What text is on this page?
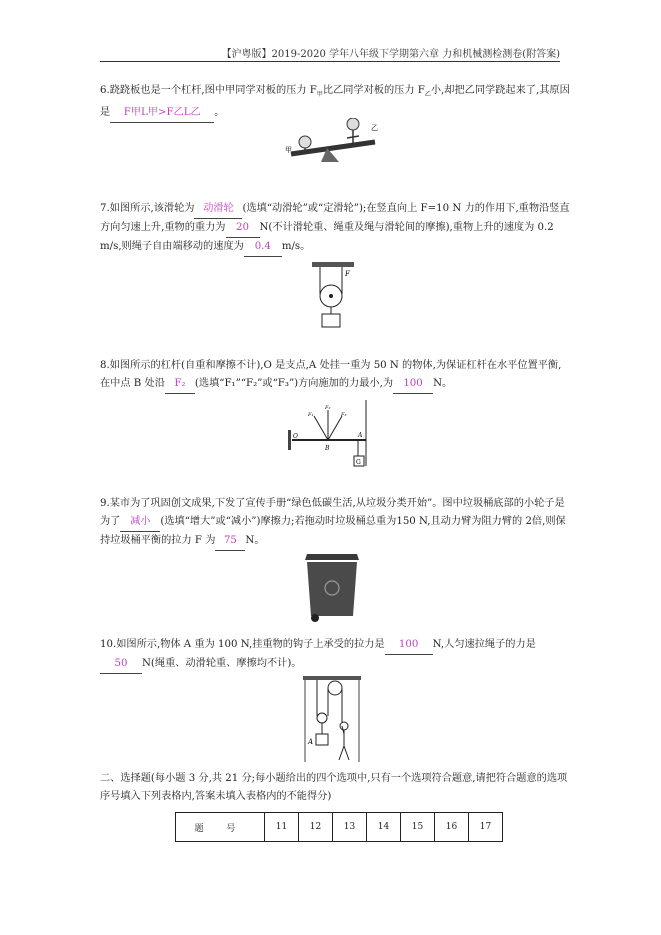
【沪粤版】2019-2020 学年八年级下学期第六章 力和机械测检测卷(附答案)
6.跷跷板也是一个杠杆,图中甲同学对板的压力 $F_甲$比乙同学对板的压力 $F_乙$小,却把乙同学跷起来了,其原因是 F甲L甲>F乙L乙 。
甲
乙
7.如图所示,该滑轮为 动滑轮 (选填“动滑轮”或“定滑轮”);在竖直向上 F=10 N 力的作用下,重物沿竖直方向匀速上升,重物的重力为 20 N(不计滑轮重、绳重及绳与滑轮间的摩擦),重物上升的速度为 0.2 m/s,则绳子自由端移动的速度为 0.4 m/s。
F
8.如图所示的杠杆(自重和摩擦不计),O 是支点,A 处挂一重为 50 N 的物体,为保证杠杆在水平位置平衡,在中点 B 处沿 F₂ (选填“F₁”“F₂”或“F₃”)方向施加的力最小,为 100 N。
O	A
B
G
F₁
F₂
F₃
9.某市为了巩固创文成果,下发了宣传手册“绿色低碳生活,从垃圾分类开始”。图中垃圾桶底部的小轮子是为了 减小 (选填“增大”或“减小”)摩擦力;若拖动时垃圾桶总重为150 N,且动力臂为阻力臂的 2倍,则保持垃圾桶平衡的拉力 F 为 75 N。
10.如图所示,物体 A 重为 100 N,挂重物的钩子上承受的拉力是 100 N,人匀速拉绳子的力是50 N(绳重、动滑轮重、摩擦均不计)。
A
二、选择题(每小题 3 分,共 21 分;每小题给出的四个选项中,只有一个选项符合题意,请把符合题意的选项序号填入下列表格内,答案未填入表格内的不能得分)
题 号	11	12	13	14	15	16	17
